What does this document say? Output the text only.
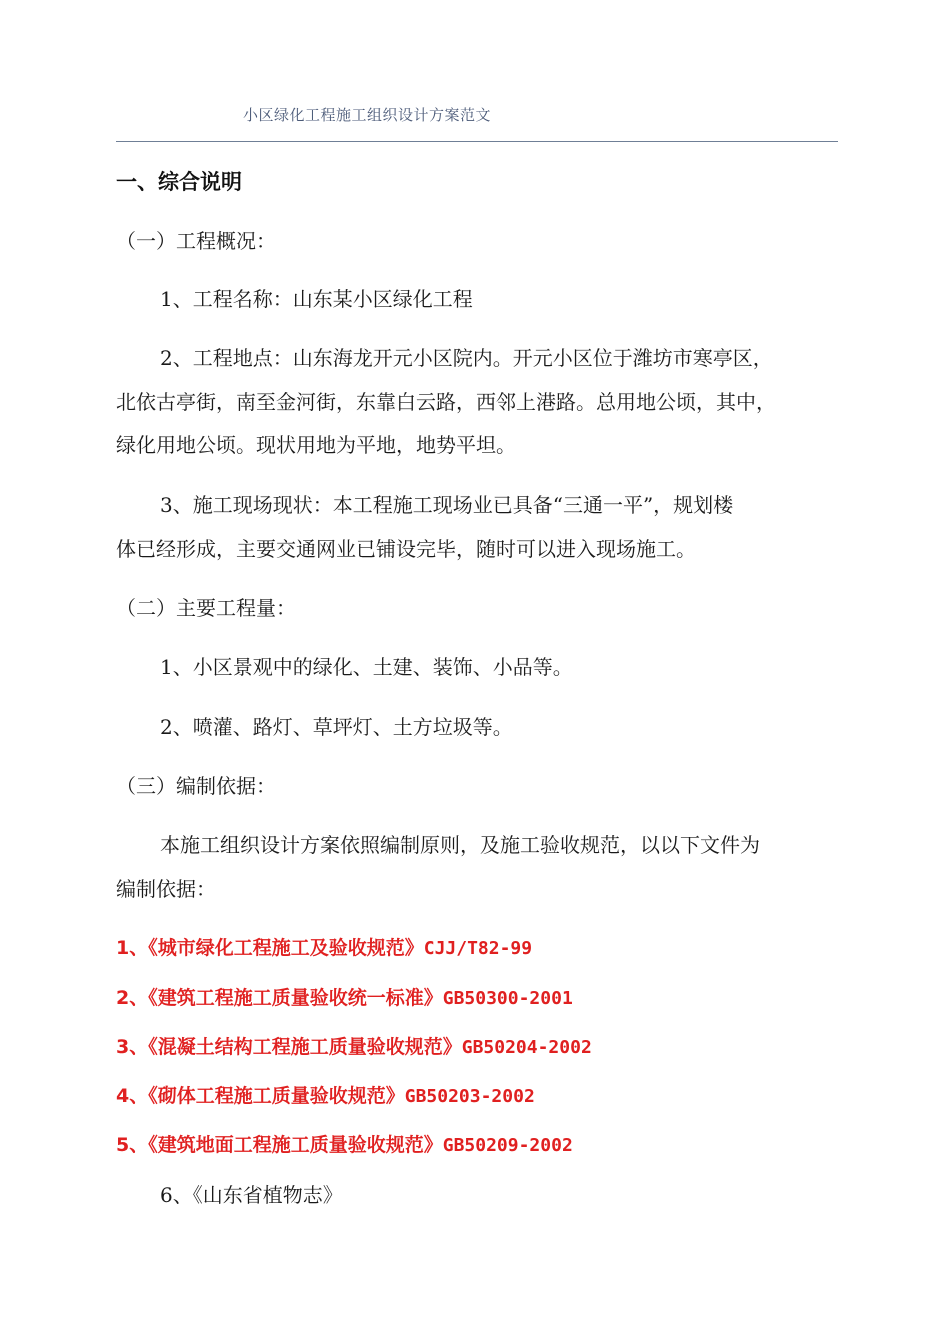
小区绿化工程施工组织设计方案范文
一、综合说明
（一）工程概况：
1、工程名称：山东某小区绿化工程
2、工程地点：山东海龙开元小区院内。开元小区位于潍坊市寒亭区，
北依古亭街，南至金河街，东靠白云路，西邻上港路。总用地公顷，其中，
绿化用地公顷。现状用地为平地，地势平坦。
3、施工现场现状：本工程施工现场业已具备“三通一平”，规划楼
体已经形成，主要交通网业已铺设完毕，随时可以进入现场施工。
（二）主要工程量：
1、小区景观中的绿化、土建、装饰、小品等。
2、喷灌、路灯、草坪灯、土方垃圾等。
（三）编制依据：
本施工组织设计方案依照编制原则，及施工验收规范，以以下文件为
编制依据：
1、《城市绿化工程施工及验收规范》CJJ/T82-99
2、《建筑工程施工质量验收统一标准》GB50300-2001
3、《混凝土结构工程施工质量验收规范》GB50204-2002
4、《砌体工程施工质量验收规范》GB50203-2002
5、《建筑地面工程施工质量验收规范》GB50209-2002
6、《山东省植物志》
